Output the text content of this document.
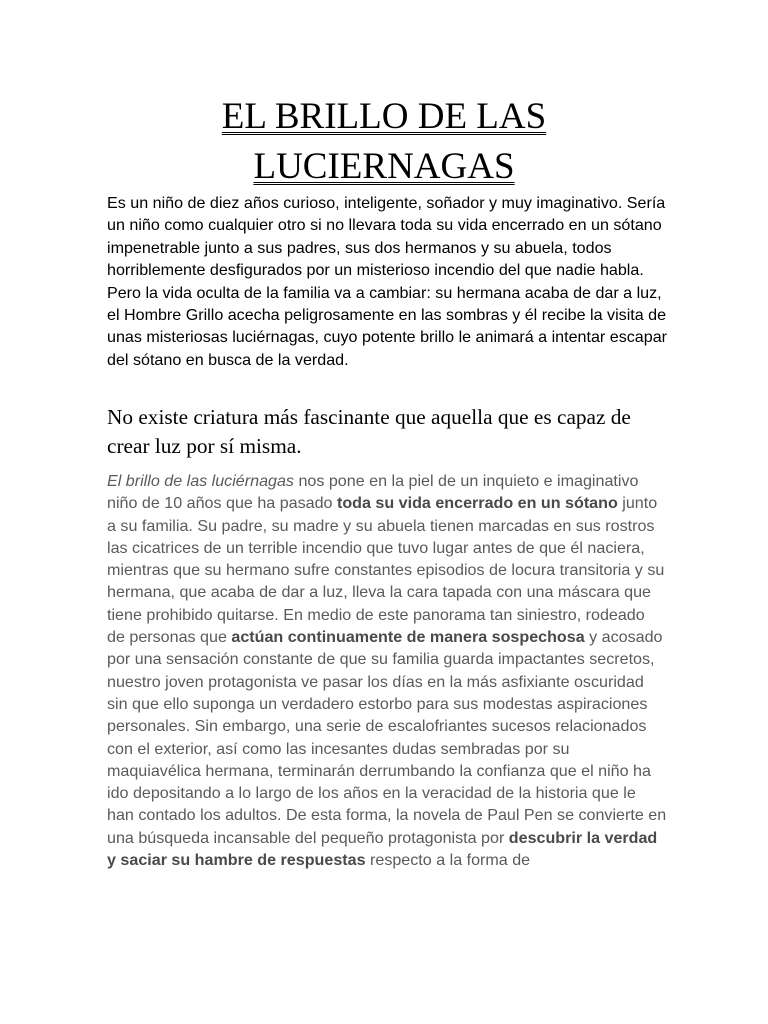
EL BRILLO DE LAS
LUCIERNAGAS

Es un niño de diez años curioso, inteligente, soñador y muy imaginativo. Sería un niño como cualquier otro si no llevara toda su vida encerrado en un sótano impenetrable junto a sus padres, sus dos hermanos y su abuela, todos horriblemente desfigurados por un misterioso incendio del que nadie habla. Pero la vida oculta de la familia va a cambiar: su hermana acaba de dar a luz, el Hombre Grillo acecha peligrosamente en las sombras y él recibe la visita de unas misteriosas luciérnagas, cuyo potente brillo le animará a intentar escapar del sótano en busca de la verdad.

No existe criatura más fascinante que aquella que es capaz de crear luz por sí misma.

El brillo de las luciérnagas nos pone en la piel de un inquieto e imaginativo niño de 10 años que ha pasado toda su vida encerrado en un sótano junto a su familia. Su padre, su madre y su abuela tienen marcadas en sus rostros las cicatrices de un terrible incendio que tuvo lugar antes de que él naciera, mientras que su hermano sufre constantes episodios de locura transitoria y su hermana, que acaba de dar a luz, lleva la cara tapada con una máscara que tiene prohibido quitarse. En medio de este panorama tan siniestro, rodeado de personas que actúan continuamente de manera sospechosa y acosado por una sensación constante de que su familia guarda impactantes secretos, nuestro joven protagonista ve pasar los días en la más asfixiante oscuridad sin que ello suponga un verdadero estorbo para sus modestas aspiraciones personales. Sin embargo, una serie de escalofriantes sucesos relacionados con el exterior, así como las incesantes dudas sembradas por su maquiavélica hermana, terminarán derrumbando la confianza que el niño ha ido depositando a lo largo de los años en la veracidad de la historia que le han contado los adultos. De esta forma, la novela de Paul Pen se convierte en una búsqueda incansable del pequeño protagonista por descubrir la verdad y saciar su hambre de respuestas respecto a la forma de
